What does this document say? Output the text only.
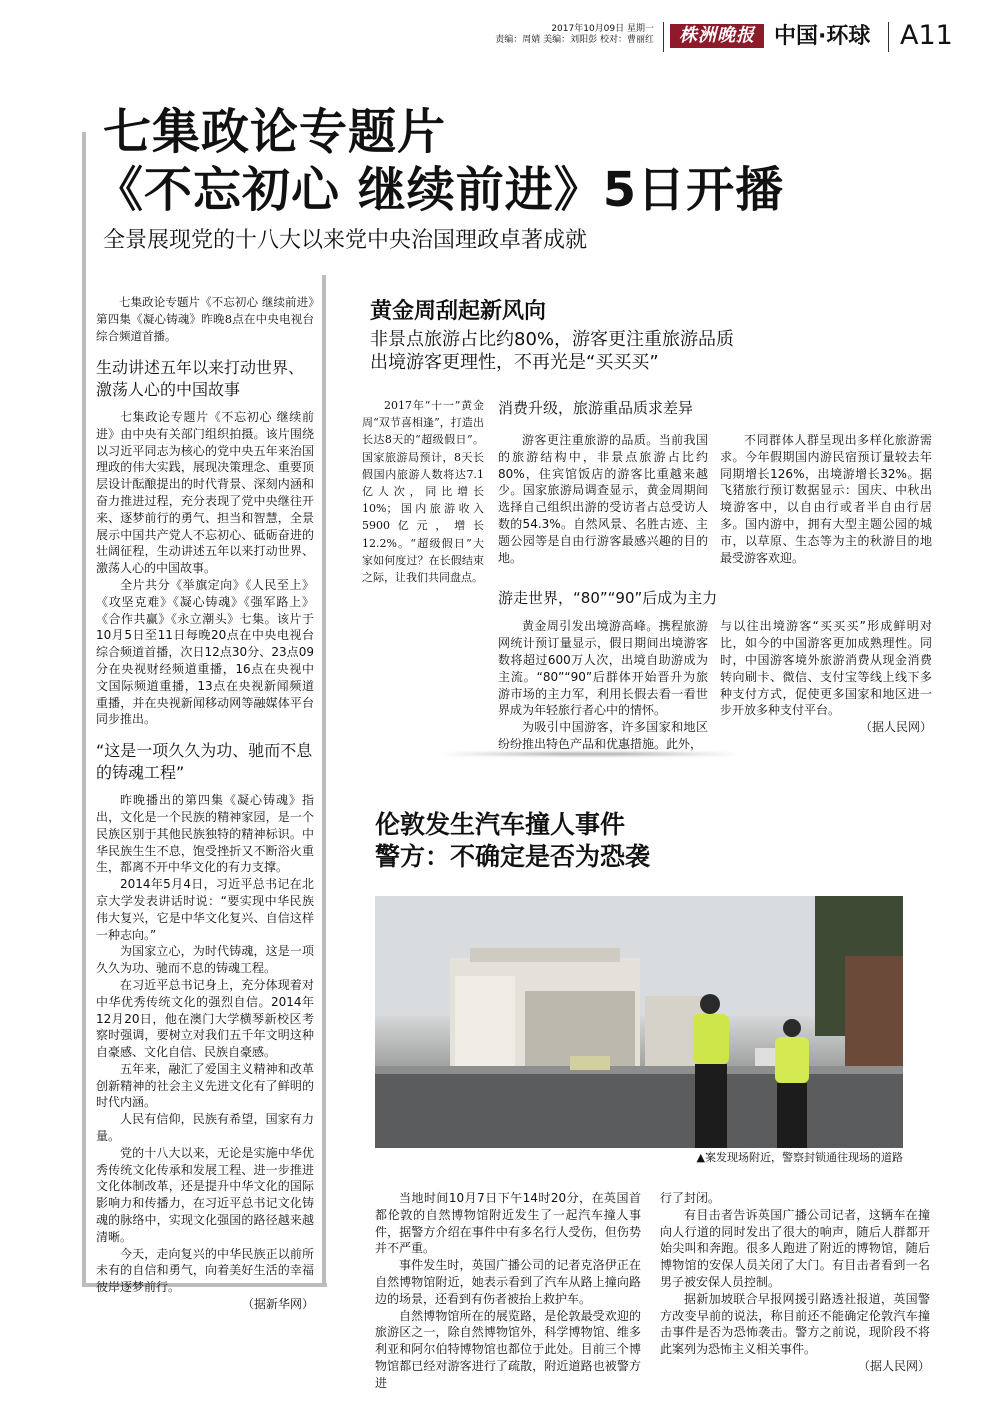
2017年10月09日 星期一
责编：周婧 美编：刘阳彭 校对：曹丽红	株洲晚报 中国·环球 A11
七集政论专题片
《不忘初心 继续前进》5日开播
全景展现党的十八大以来党中央治国理政卓著成就

七集政论专题片《不忘初心 继续前进》第四集《凝心铸魂》昨晚8点在中央电视台综合频道首播。

生动讲述五年以来打动世界、激荡人心的中国故事

七集政论专题片《不忘初心 继续前进》由中央有关部门组织拍摄。该片围绕以习近平同志为核心的党中央五年来治国理政的伟大实践，展现决策理念、重要顶层设计酝酿提出的时代背景、深刻内涵和奋力推进过程，充分表现了党中央继往开来、逐梦前行的勇气、担当和智慧，全景展示中国共产党人不忘初心、砥砺奋进的壮阔征程，生动讲述五年以来打动世界、激荡人心的中国故事。

全片共分《举旗定向》《人民至上》《攻坚克难》《凝心铸魂》《强军路上》《合作共赢》《永立潮头》七集。该片于10月5日至11日每晚20点在中央电视台综合频道首播，次日12点30分、23点09分在央视财经频道重播，16点在央视中文国际频道重播，13点在央视新闻频道重播，并在央视新闻移动网等融媒体平台同步推出。

“这是一项久久为功、驰而不息的铸魂工程”

昨晚播出的第四集《凝心铸魂》指出，文化是一个民族的精神家园，是一个民族区别于其他民族独特的精神标识。中华民族生生不息，饱受挫折又不断浴火重生，都离不开中华文化的有力支撑。

2014年5月4日，习近平总书记在北京大学发表讲话时说：“要实现中华民族伟大复兴，它是中华文化复兴、自信这样一种志向。”

为国家立心，为时代铸魂，这是一项久久为功、驰而不息的铸魂工程。

在习近平总书记身上，充分体现着对中华优秀传统文化的强烈自信。2014年12月20日，他在澳门大学横琴新校区考察时强调，要树立对我们五千年文明这种自豪感、文化自信、民族自豪感。

五年来，融汇了爱国主义精神和改革创新精神的社会主义先进文化有了鲜明的时代内涵。

人民有信仰，民族有希望，国家有力量。

党的十八大以来，无论是实施中华优秀传统文化传承和发展工程、进一步推进文化体制改革，还是提升中华文化的国际影响力和传播力，在习近平总书记文化铸魂的脉络中，实现文化强国的路径越来越清晰。

今天，走向复兴的中华民族正以前所未有的自信和勇气，向着美好生活的幸福彼岸逐梦前行。

（据新华网）
黄金周刮起新风向
非景点旅游占比约80%，游客更注重旅游品质
出境游客更理性，不再光是“买买买”

2017年“十一”黄金周“双节喜相逢”，打造出长达8天的“超级假日”。国家旅游局预计，8天长假国内旅游人数将达7.1亿人次，同比增长10%；国内旅游收入5900亿元，增长12.2%。“超级假日”大家如何度过？在长假结束之际，让我们共同盘点。

消费升级，旅游重品质求差异

游客更注重旅游的品质。当前我国的旅游结构中，非景点旅游占比约80%，住宾馆饭店的游客比重越来越少。国家旅游局调查显示，黄金周期间选择自己组织出游的受访者占总受访人数的54.3%。自然风景、名胜古迹、主题公园等是自由行游客最感兴趣的目的地。

不同群体人群呈现出多样化旅游需求。今年假期国内游民宿预订量较去年同期增长126%，出境游增长32%。据飞猪旅行预订数据显示：国庆、中秋出境游客中，以自由行或者半自由行居多。国内游中，拥有大型主题公园的城市，以草原、生态等为主的秋游目的地最受游客欢迎。

游走世界，“80”“90”后成为主力

黄金周引发出境游高峰。携程旅游网统计预订量显示，假日期间出境游客数将超过600万人次，出境自助游成为主流。“80”“90”后群体开始晋升为旅游市场的主力军，利用长假去看一看世界成为年轻旅行者心中的情怀。

为吸引中国游客，许多国家和地区纷纷推出特色产品和优惠措施。此外，

与以往出境游客“买买买”形成鲜明对比，如今的中国游客更加成熟理性。同时，中国游客境外旅游消费从现金消费转向刷卡、微信、支付宝等线上线下多种支付方式，促使更多国家和地区进一步开放多种支付平台。
（据人民网）
伦敦发生汽车撞人事件
警方：不确定是否为恐袭
▲案发现场附近，警察封锁通往现场的道路

当地时间10月7日下午14时20分，在英国首都伦敦的自然博物馆附近发生了一起汽车撞人事件，据警方介绍在事件中有多名行人受伤，但伤势并不严重。

事件发生时，英国广播公司的记者克洛伊正在自然博物馆附近，她表示看到了汽车从路上撞向路边的场景，还看到有伤者被抬上救护车。

自然博物馆所在的展览路，是伦敦最受欢迎的旅游区之一，除自然博物馆外，科学博物馆、维多利亚和阿尔伯特博物馆也都位于此处。目前三个博物馆都已经对游客进行了疏散，附近道路也被警方进

行了封闭。

有目击者告诉英国广播公司记者，这辆车在撞向人行道的同时发出了很大的响声，随后人群都开始尖叫和奔跑。很多人跑进了附近的博物馆，随后博物馆的安保人员关闭了大门。有目击者看到一名男子被安保人员控制。

据新加坡联合早报网援引路透社报道，英国警方改变早前的说法，称目前还不能确定伦敦汽车撞击事件是否为恐怖袭击。警方之前说，现阶段不将此案列为恐怖主义相关事件。

（据人民网）
